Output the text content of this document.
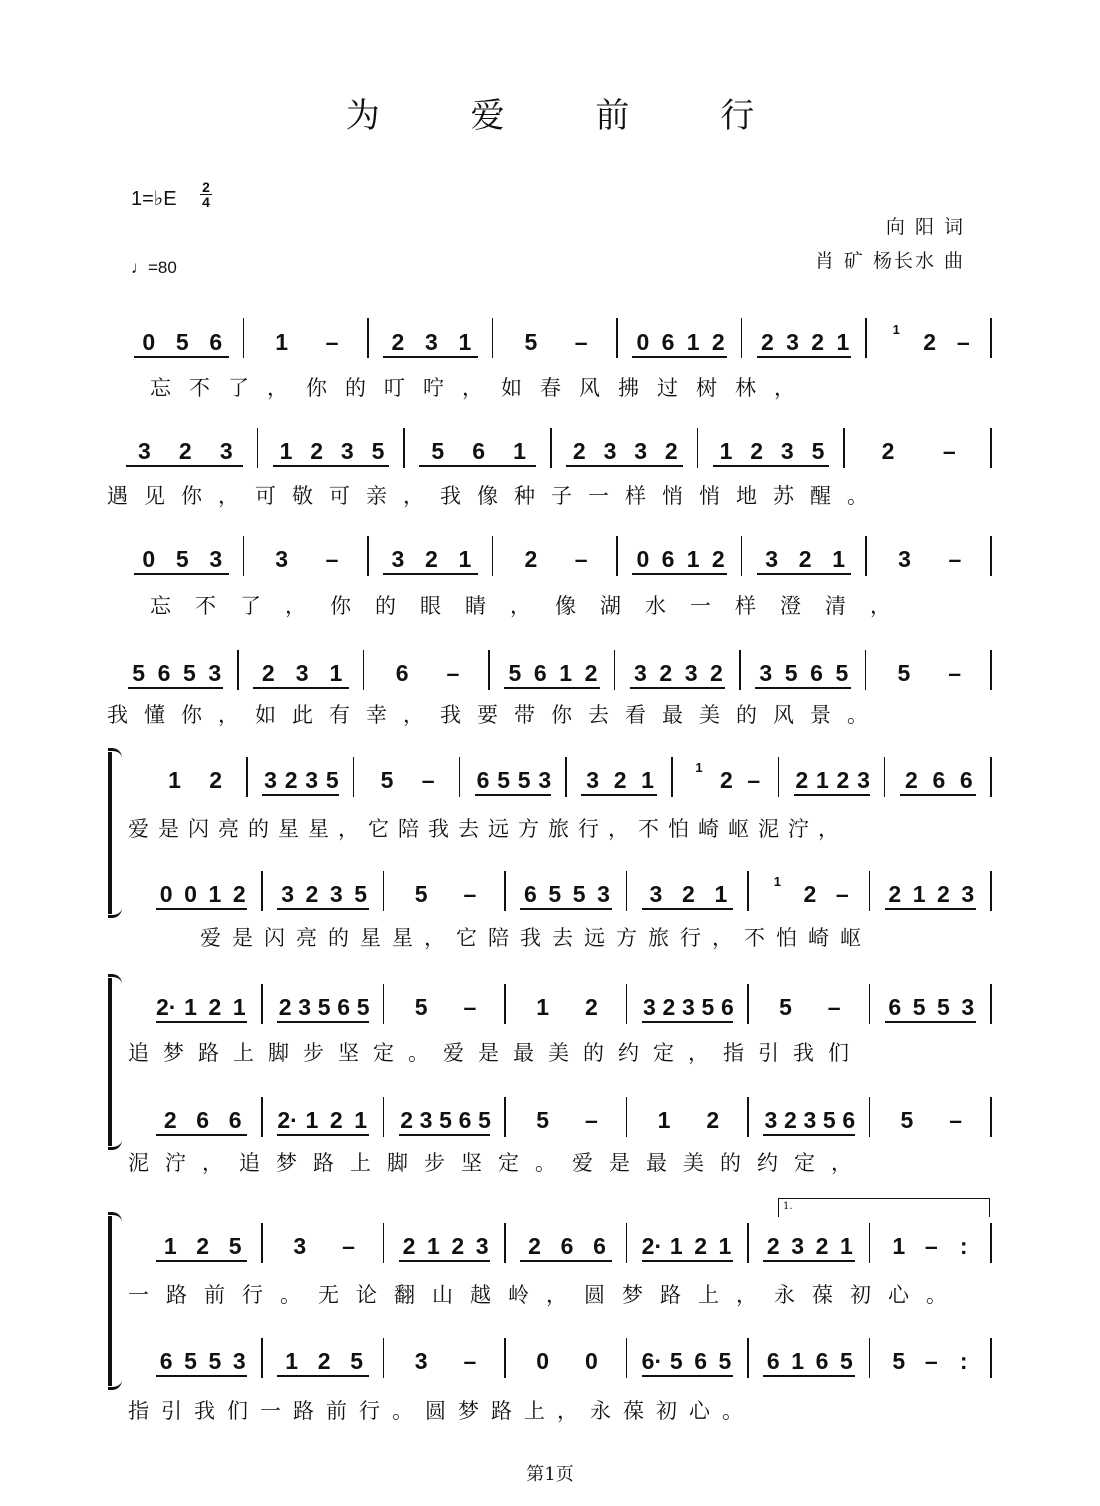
为 爱 前 行
1=♭E $\frac{2}{4}$
♩=80
向 阳 词
肖 矿 杨长水 曲
0 5 6 1 – 2 3 1 5 – 0 6 1 2 2 3 2 1	1 2 –
3 2 3 1 2 3 5 5 6 1 2 3 3 2 1 2 3 5 2 –
0 5 3 3 – 3 2 1 2 – 0 6 1 2 3 2 1 3 –
5 6 5 3 2 3 1 6 – 5 6 1 2 3 2 3 2 3 5 6 5 5 –
1 2 3 2 3 5 5 – 6 5 5 3 3 2 1	1 2 – 2 1 2 3 2 6 6
0 0 1 2 3 2 3 5 5 – 6 5 5 3 3 2 1	1 2 – 2 1 2 3
2· 1 2 1 2 3 5 6 5 5 –	1 2 3 2 3 5 6 5 – 6 5 5 3
2 6 6 2· 1 2 1 2 3 5 6 5 5 –	1 2 3 2 3 5 6 5 –
1 2 5 3 – 2 1 2 3 2 6 6 2· 1 2 1 2 3 2 1 1 – :
6 5 5 3 1 2 5 3 –	0 0 6· 5 6 5 6 1 6 5 5 – :
忘不了，你的叮咛，如春风拂过树林，
遇见你，可敬可亲，我像种子一样悄悄地苏醒。
忘不了，你的眼睛，像湖水一样澄清，
我懂你，如此有幸，我要带你去看最美的风景。
爱是闪亮的星星，它陪我去远方旅行，不怕崎岖泥泞，
爱是闪亮的星星，它陪我去远方旅行，不怕崎岖
追梦路上脚步坚定。爱是最美的约定，指引我们
泥泞，追梦路上脚步坚定。爱是最美的约定，
一路前行。无论翻山越岭，圆梦路上，永葆初心。
指引我们一路前行。圆梦路上，永葆初心。
1.
第1页
